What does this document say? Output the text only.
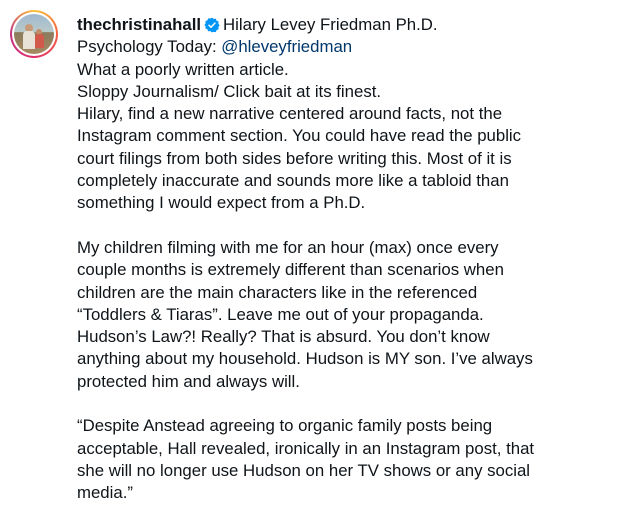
thechristinahall Hilary Levey Friedman Ph.D.
Psychology Today: @hleveyfriedman
What a poorly written article.
Sloppy Journalism/ Click bait at its finest.
Hilary, find a new narrative centered around facts, not the
Instagram comment section. You could have read the public
court filings from both sides before writing this. Most of it is
completely inaccurate and sounds more like a tabloid than
something I would expect from a Ph.D.
My children filming with me for an hour (max) once every
couple months is extremely different than scenarios when
children are the main characters like in the referenced
“Toddlers & Tiaras”. Leave me out of your propaganda.
Hudson’s Law?! Really? That is absurd. You don’t know
anything about my household. Hudson is MY son. I’ve always
protected him and always will.
“Despite Anstead agreeing to organic family posts being
acceptable, Hall revealed, ironically in an Instagram post, that
she will no longer use Hudson on her TV shows or any social
media.”
